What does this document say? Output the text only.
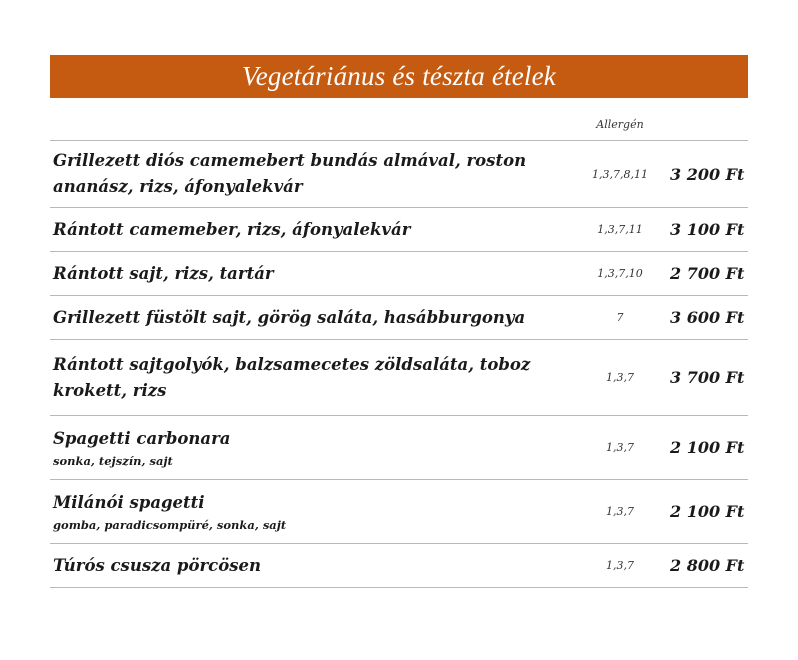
Vegetáriánus és tészta ételek
Allergén
Grillezett diós camemebert bundás almával, roston ananász, rizs, áfonyalekvár
1,3,7,8,11	3 200 Ft
Rántott camemeber, rizs, áfonyalekvár	1,3,7,11	3 100 Ft
Rántott sajt, rizs, tartár	1,3,7,10	2 700 Ft
Grillezett füstölt sajt, görög saláta, hasábburgonya	7	3 600 Ft
Rántott sajtgolyók, balzsamecetes zöldsaláta, toboz krokett, rizs
1,3,7	3 700 Ft
Spagetti carbonara
sonka, tejszín, sajt
1,3,7	2 100 Ft
Milánói spagetti
gomba, paradicsompüré, sonka, sajt
1,3,7	2 100 Ft
Túrós csusza pörcösen	1,3,7	2 800 Ft
